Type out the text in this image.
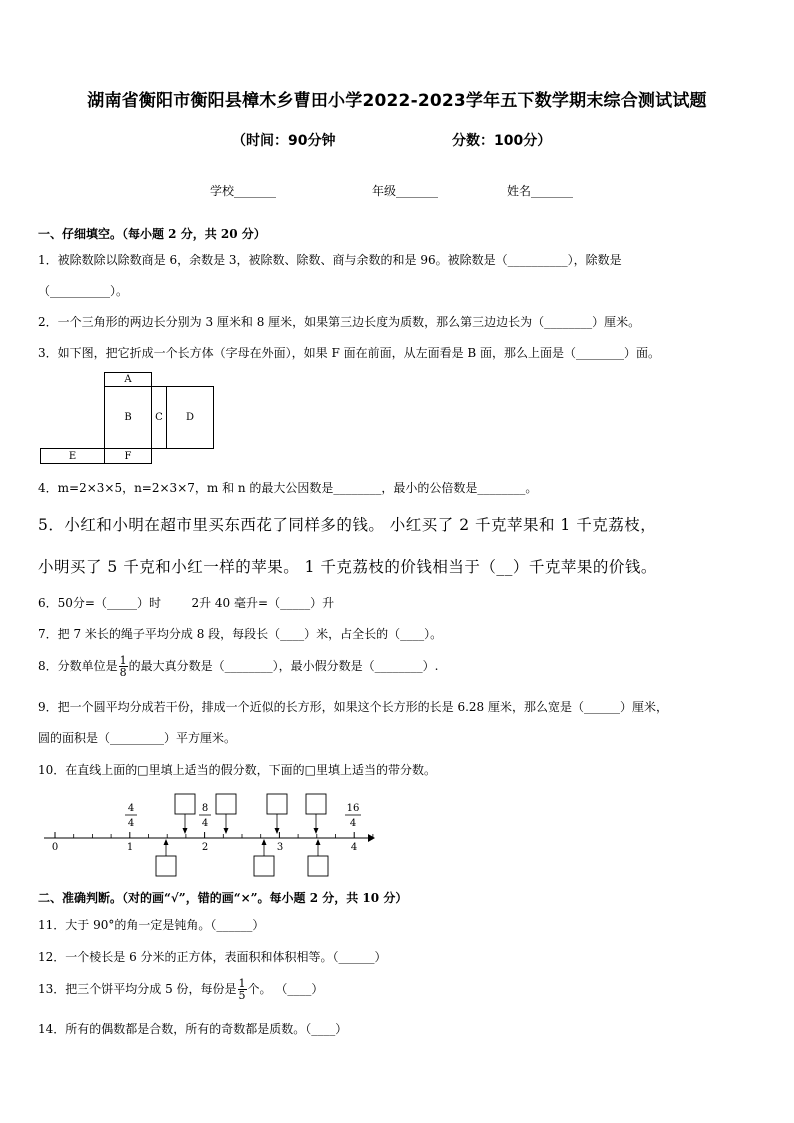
湖南省衡阳市衡阳县樟木乡曹田小学2022-2023学年五下数学期末综合测试试题
（时间：90分钟	分数：100分）
学校_______	年级_______	姓名_______
一、仔细填空。（每小题 2 分，共 20 分）
1．被除数除以除数商是 6，余数是 3，被除数、除数、商与余数的和是 96。被除数是（__________），除数是
（__________）。
2．一个三角形的两边长分别为 3 厘米和 8 厘米，如果第三边长度为质数，那么第三边边长为（________）厘米。
3．如下图，把它折成一个长方体（字母在外面），如果 F 面在前面，从左面看是 B 面，那么上面是（________）面。
A
B	C	D
E	F
4．m=2×3×5，n=2×3×7，m 和 n 的最大公因数是________，最小的公倍数是________。
5．小红和小明在超市里买东西花了同样多的钱。 小红买了 2 千克苹果和 1 千克荔枝，
小明买了 5 千克和小红一样的苹果。 1 千克荔枝的价钱相当于（__）千克苹果的价钱。
6．50分=（_____）时        2升 40 毫升=（_____）升
7．把 7 米长的绳子平均分成 8 段，每段长（____）米，占全长的（____）。
8．分数单位是 $\frac{1}{8}$ 的最大真分数是（________），最小假分数是（________）.
9．把一个圆平均分成若干份，排成一个近似的长方形，如果这个长方形的长是 6.28 厘米，那么宽是（______）厘米，
圆的面积是（_________）平方厘米。
10．在直线上面的□里填上适当的假分数，下面的□里填上适当的带分数。
0	1	2	3	4
4
4
8
4
16
4
二、准确判断。（对的画“√”，错的画“×”。每小题 2 分，共 10 分）
11．大于 90°的角一定是钝角。（______）
12．一个棱长是 6 分米的正方体，表面积和体积相等。（______）
13．把三个饼平均分成 5 份，每份是 $\frac{1}{5}$ 个。 （____）
14．所有的偶数都是合数，所有的奇数都是质数。（____）
